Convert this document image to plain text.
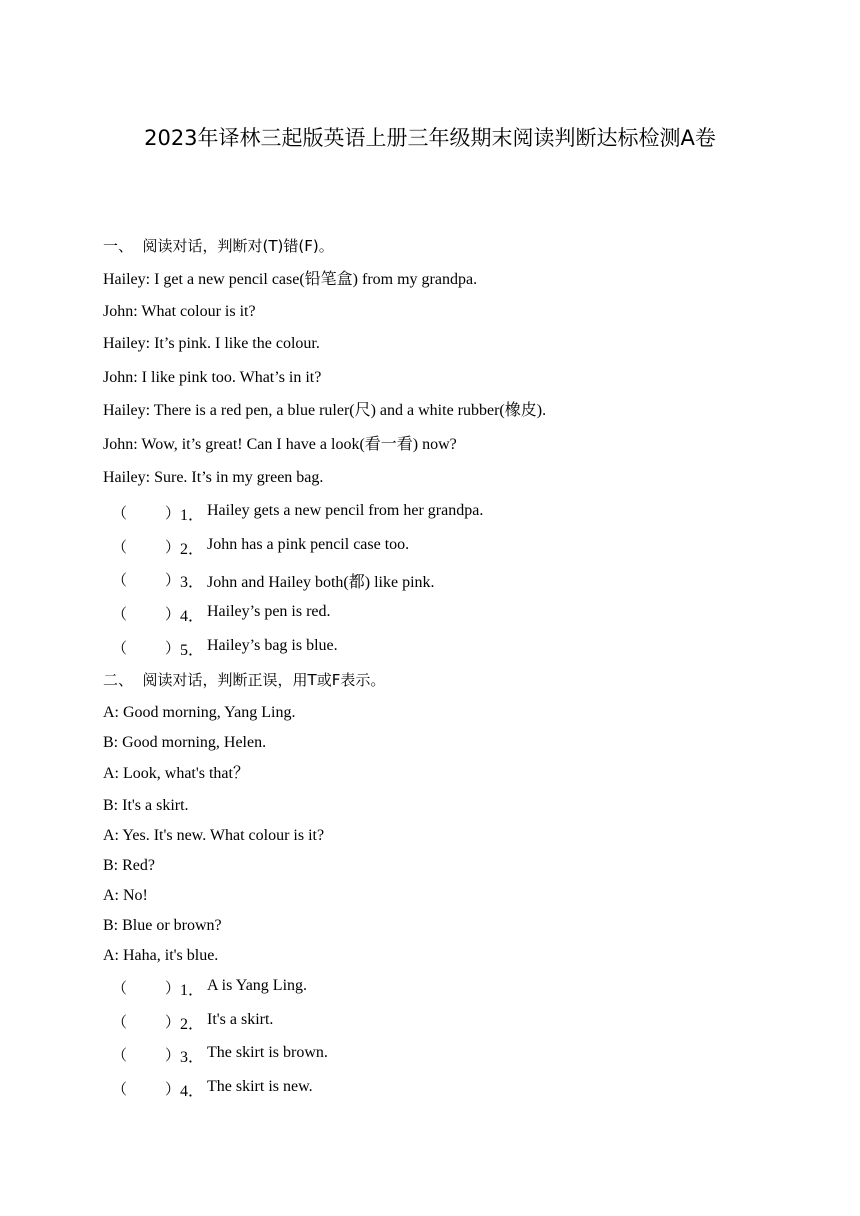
2023年译林三起版英语上册三年级期末阅读判断达标检测A卷
一、  阅读对话，判断对(T)错(F)。
Hailey: I get a new pencil case(铅笔盒) from my grandpa.
John: What colour is it?
Hailey: It’s pink. I like the colour.
John: I like pink too. What’s in it?
Hailey: There is a red pen, a blue ruler(尺) and a white rubber(橡皮).
John: Wow, it’s great! Can I have a look(看一看) now?
Hailey: Sure. It’s in my green bag.
（	） 1． Hailey gets a new pencil from her grandpa.
（	） 2． John has a pink pencil case too.
（	） 3． John and Hailey both(都) like pink.
（	） 4． Hailey’s pen is red.
（	） 5． Hailey’s bag is blue.
二、  阅读对话，判断正误，用T或F表示。
A: Good morning, Yang Ling.
B: Good morning, Helen.
A: Look, what's that？
B: It's a skirt.
A: Yes. It's new. What colour is it?
B: Red?
A: No!
B: Blue or brown?
A: Haha, it's blue.
（	） 1． A is Yang Ling.
（	） 2． It's a skirt.
（	） 3． The skirt is brown.
（	） 4． The skirt is new.
